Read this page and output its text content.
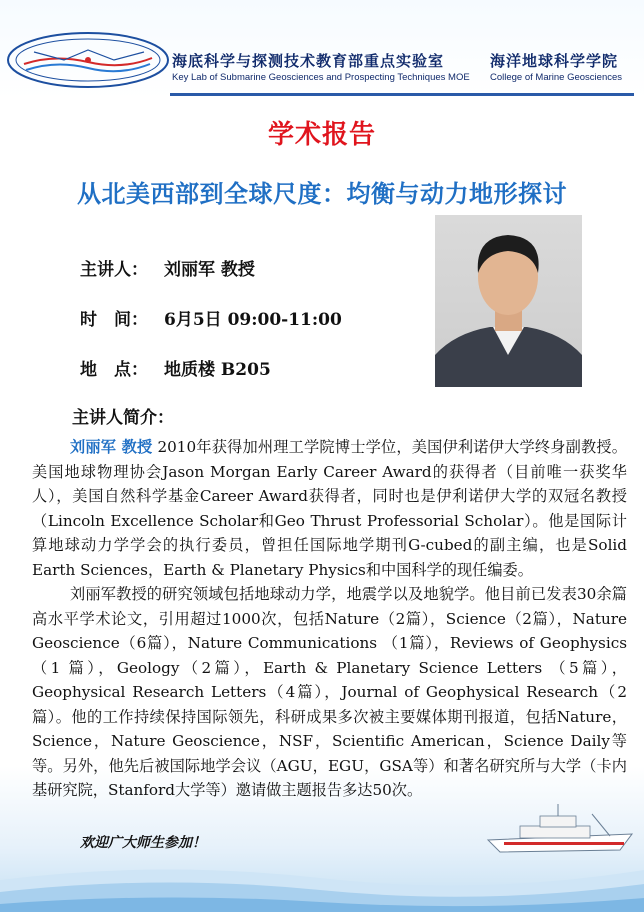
海底科学与探测技术教育部重点实验室
Key Lab of Submarine Geosciences and Prospecting Techniques MOE
海洋地球科学学院
College of Marine Geosciences
学术报告
从北美西部到全球尺度：均衡与动力地形探讨
主讲人： 刘丽军 教授
时　间： 6月5日 09:00-11:00
地　点： 地质楼 B205
主讲人简介：

刘丽军 教授 2010年获得加州理工学院博士学位，美国伊利诺伊大学终身副教授。美国地球物理协会Jason Morgan Early Career Award的获得者（目前唯一获奖华人），美国自然科学基金Career Award获得者，同时也是伊利诺伊大学的双冠名教授（Lincoln Excellence Scholar和Geo Thrust Professorial Scholar）。他是国际计算地球动力学学会的执行委员，曾担任国际地学期刊G-cubed的副主编，也是Solid Earth Sciences，Earth & Planetary Physics和中国科学的现任编委。

刘丽军教授的研究领域包括地球动力学，地震学以及地貌学。他目前已发表30余篇高水平学术论文，引用超过1000次，包括Nature（2篇），Science（2篇），Nature Geoscience（6篇），Nature Communications （1篇），Reviews of Geophysics （1 篇），Geology（2篇），Earth & Planetary Science Letters （5篇），Geophysical Research Letters（4篇），Journal of Geophysical Research（2篇）。他的工作持续保持国际领先，科研成果多次被主要媒体期刊报道，包括Nature，Science，Nature Geoscience，NSF，Scientific American，Science Daily等等。另外，他先后被国际地学会议（AGU，EGU，GSA等）和著名研究所与大学（卡内基研究院，Stanford大学等）邀请做主题报告多达50次。

欢迎广大师生参加！
